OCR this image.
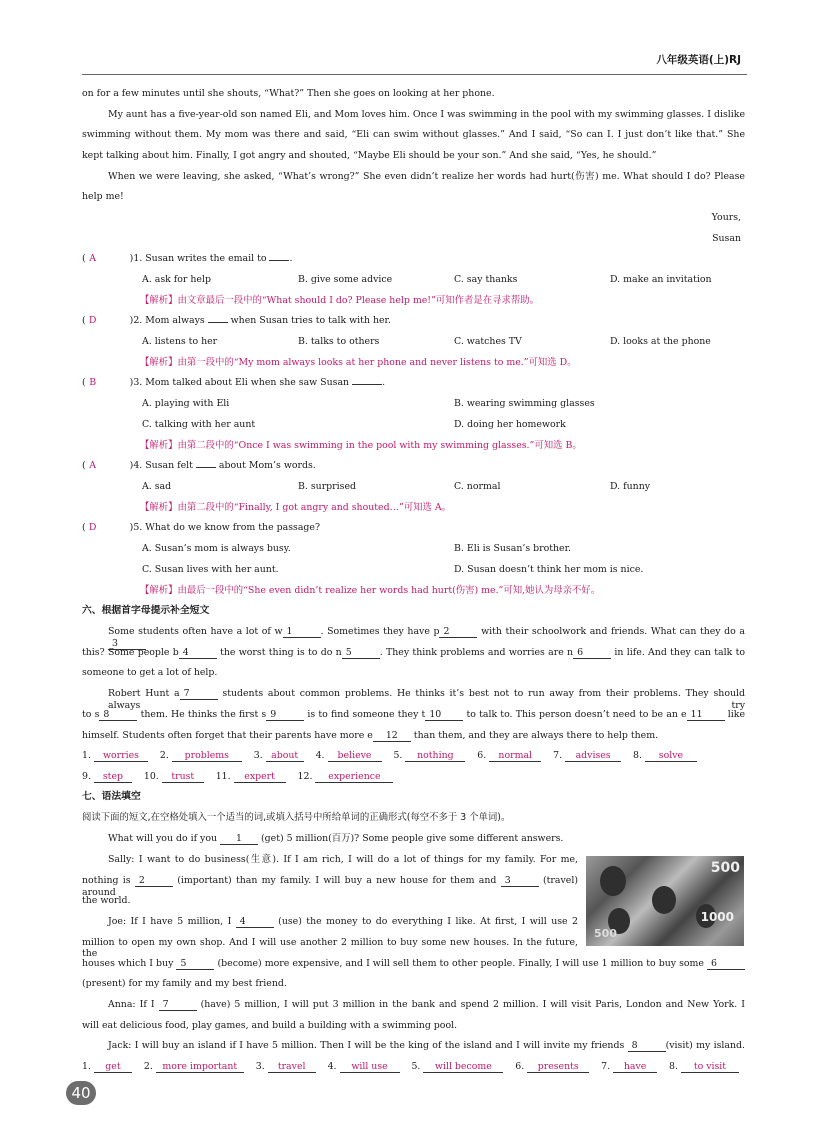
八年级英语(上)RJ
on for a few minutes until she shouts, “What?” Then she goes on looking at her phone.
My aunt has a five-year-old son named Eli, and Mom loves him. Once I was swimming in the pool with my swimming glasses. I dislike
swimming without them. My mom was there and said, “Eli can swim without glasses.” And I said, “So can I. I just don’t like that.” She
kept talking about him. Finally, I got angry and shouted, “Maybe Eli should be your son.” And she said, “Yes, he should.”
When we were leaving, she asked, “What’s wrong?” She even didn’t realize her words had hurt(伤害) me. What should I do? Please
help me!
Yours,
Susan
( A	)1. Susan writes the email to .
A. ask for help	B. give some advice	C. say thanks	D. make an invitation
【解析】由文章最后一段中的“What should I do? Please help me!”可知作者是在寻求帮助。
( D	)2. Mom always	when Susan tries to talk with her.
A. listens to her	B. talks to others	C. watches TV	D. looks at the phone
【解析】由第一段中的“My mom always looks at her phone and never listens to me.”可知选 D。
( B	)3. Mom talked about Eli when she saw Susan	.
A. playing with Eli	B. wearing swimming glasses
C. talking with her aunt	D. doing her homework
【解析】由第二段中的“Once I was swimming in the pool with my swimming glasses.”可知选 B。
( A	)4. Susan felt	about Mom’s words.
A. sad	B. surprised	C. normal	D. funny
【解析】由第二段中的“Finally, I got angry and shouted…”可知选 A。
( D	)5. What do we know from the passage?
A. Susan’s mom is always busy.	B. Eli is Susan’s brother.
C. Susan lives with her aunt.	D. Susan doesn’t think her mom is nice.
【解析】由最后一段中的“She even didn’t realize her words had hurt(伤害) me.”可知,她认为母亲不好。
六、根据首字母提示补全短文
Some students often have a lot of w 1	. Sometimes they have p 2	with their schoolwork and friends. What can they do a3
this? Some people b 4	the worst thing is to do n 5	. They think problems and worries are n 6	in life. And they can talk to
someone to get a lot of help.
Robert Hunt a 7	students about common problems. He thinks it’s best not to run away from their problems. They should always try
to s 8	them. He thinks the first s 9	is to find someone they t 10	to talk to. This person doesn’t need to be an e 11	like
himself. Students often forget that their parents have more e 12 than them, and they are always there to help them.
1. worries 2. problems	3. about 4. believe 5. nothing	6. normal 7. advises 8. solve
9. step 10. trust 11. expert 12. experience
七、语法填空
阅读下面的短文,在空格处填入一个适当的词,或填入括号中所给单词的正确形式(每空不多于 3 个单词)。
What will you do if you 1 (get) 5 million(百万)? Some people give some different answers.
Sally: I want to do business(生意). If I am rich, I will do a lot of things for my family. For me,
nothing is 2	(important) than my family. I will buy a new house for them and 3	(travel) around
the world.
Joe: If I have 5 million, I 4	(use) the money to do everything I like. At first, I will use 2
million to open my own shop. And I will use another 2 million to buy some new houses. In the future, the
houses which I buy 5	(become) more expensive, and I will sell them to other people. Finally, I will use 1 million to buy some 6
(present) for my family and my best friend.
Anna: If I 7	(have) 5 million, I will put 3 million in the bank and spend 2 million. I will visit Paris, London and New York. I
will eat delicious food, play games, and build a building with a swimming pool.
Jack: I will buy an island if I have 5 million. Then I will be the king of the island and I will invite my friends 8	(visit) my island.
1. get 2. more important 3. travel 4. will use	5. will become 6. presents 7. have 8. to visit
500
1000
500
40
